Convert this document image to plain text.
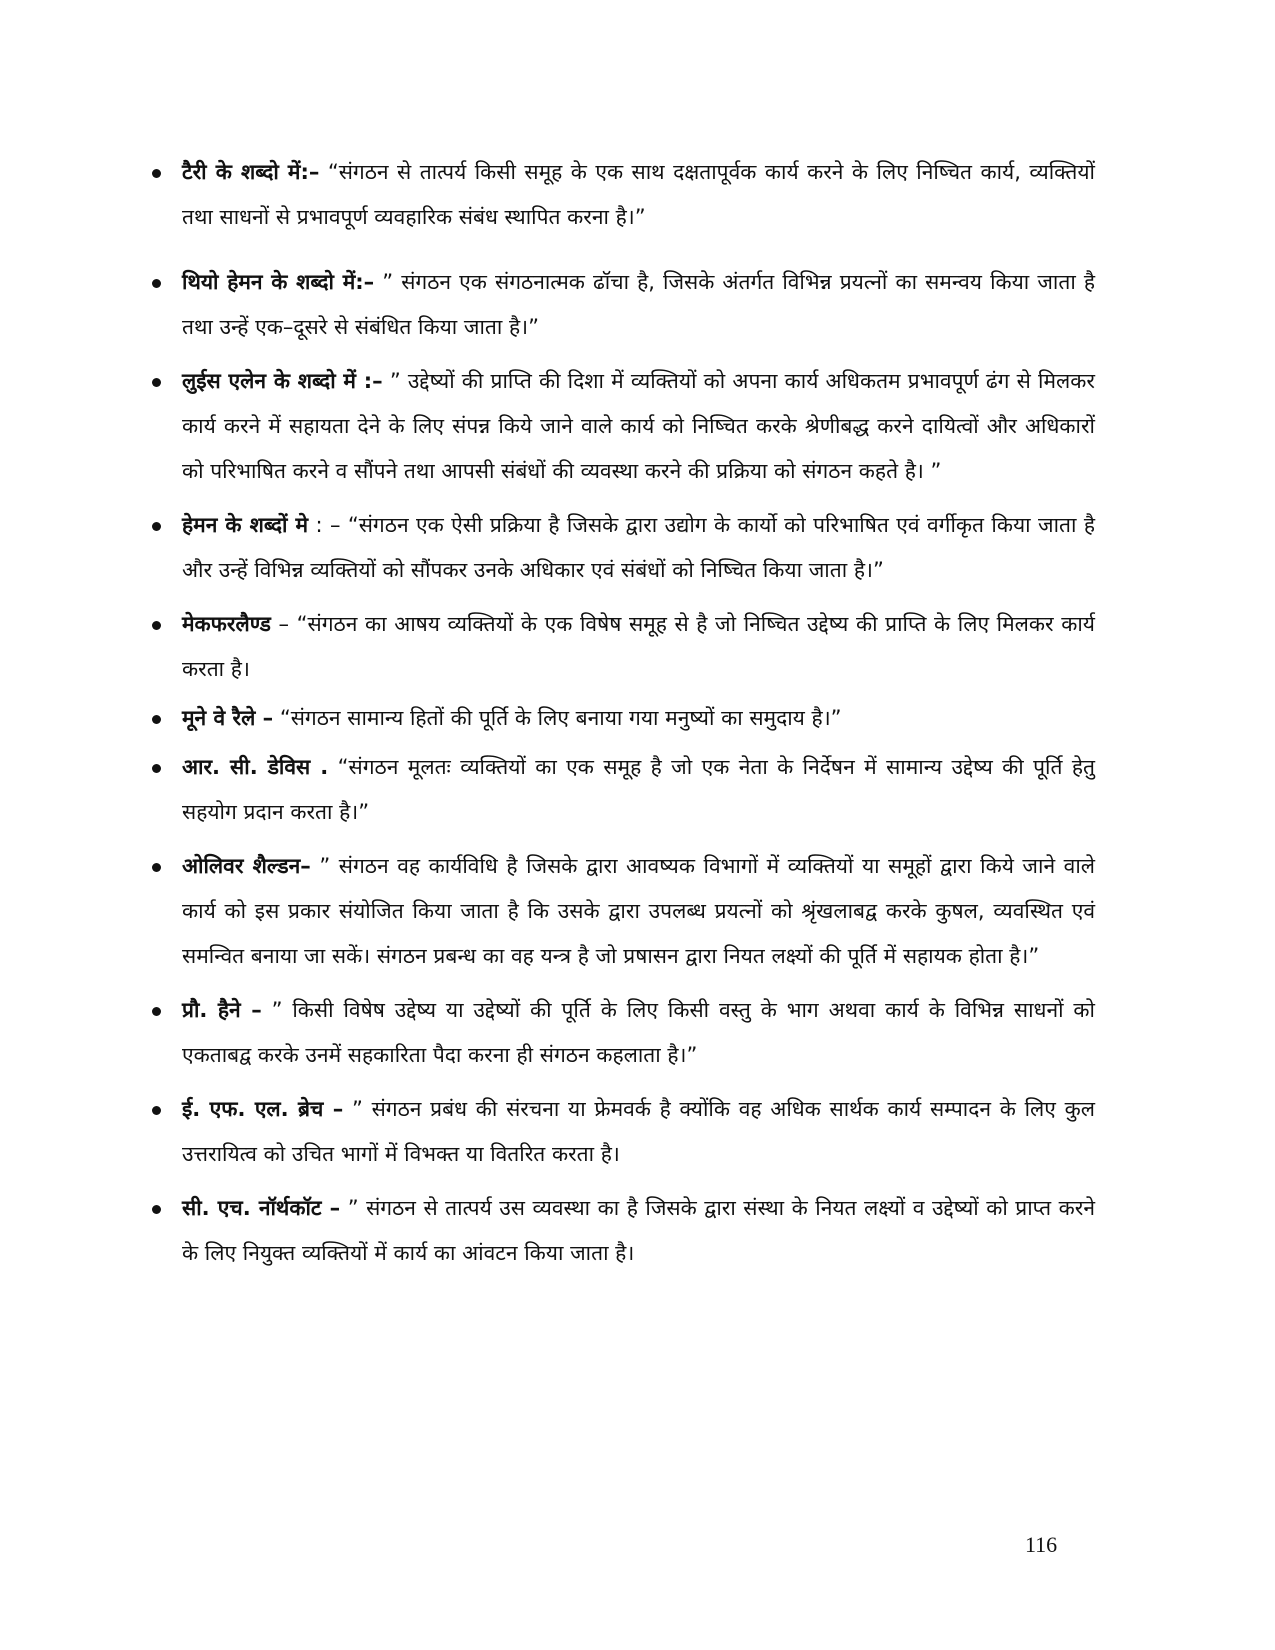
टैरी के शब्दो में:– “संगठन से तात्पर्य किसी समूह के एक साथ दक्षतापूर्वक कार्य करने के लिए निष्चित कार्य, व्यक्तियों तथा साधनों से प्रभावपूर्ण व्यवहारिक संबंध स्थापित करना है।”
थियो हेमन के शब्दो में:– ” संगठन एक संगठनात्मक ढॉचा है, जिसके अंतर्गत विभिन्न प्रयत्नों का समन्वय किया जाता है तथा उन्हें एक–दूसरे से संबंधित किया जाता है।”
लुईस एलेन के शब्दो में :– ” उद्देष्यों की प्राप्ति की दिशा में व्यक्तियों को अपना कार्य अधिकतम प्रभावपूर्ण ढंग से मिलकर कार्य करने में सहायता देने के लिए संपन्न किये जाने वाले कार्य को निष्चित करके श्रेणीबद्ध करने दायित्वों और अधिकारों को परिभाषित करने व सौंपने तथा आपसी संबंधों की व्यवस्था करने की प्रक्रिया को संगठन कहते है। ”
हेमन के शब्दों मे : – “संगठन एक ऐसी प्रक्रिया है जिसके द्वारा उद्योग के कार्यो को परिभाषित एवं वर्गीकृत किया जाता है और उन्हें विभिन्न व्यक्तियों को सौंपकर उनके अधिकार एवं संबंधों को निष्चित किया जाता है।”
मेकफरलैण्ड – “संगठन का आषय व्यक्तियों के एक विषेष समूह से है जो निष्चित उद्देष्य की प्राप्ति के लिए मिलकर कार्य करता है।
मूने वे रैले – “संगठन सामान्य हितों की पूर्ति के लिए बनाया गया मनुष्यों का समुदाय है।”
आर. सी. डेविस . “संगठन मूलतः व्यक्तियों का एक समूह है जो एक नेता के निर्देषन में सामान्य उद्देष्य की पूर्ति हेतु सहयोग प्रदान करता है।”
ओलिवर शैल्डन– ” संगठन वह कार्यविधि है जिसके द्वारा आवष्यक विभागों में व्यक्तियों या समूहों द्वारा किये जाने वाले कार्य को इस प्रकार संयोजित किया जाता है कि उसके द्वारा उपलब्ध प्रयत्नों को श्रृंखलाबद्व करके कुषल, व्यवस्थित एवं समन्वित बनाया जा सकें। संगठन प्रबन्ध का वह यन्त्र है जो प्रषासन द्वारा नियत लक्ष्यों की पूर्ति में सहायक होता है।”
प्रौ. हैने – ” किसी विषेष उद्देष्य या उद्देष्यों की पूर्ति के लिए किसी वस्तु के भाग अथवा कार्य के विभिन्न साधनों को एकताबद्व करके उनमें सहकारिता पैदा करना ही संगठन कहलाता है।”
ई. एफ. एल. ब्रेच – ” संगठन प्रबंध की संरचना या फ्रेमवर्क है क्योंकि वह अधिक सार्थक कार्य सम्पादन के लिए कुल उत्तरायित्व को उचित भागों में विभक्त या वितरित करता है।
सी. एच. नॉर्थकॉट – ” संगठन से तात्पर्य उस व्यवस्था का है जिसके द्वारा संस्था के नियत लक्ष्यों व उद्देष्यों को प्राप्त करने के लिए नियुक्त व्यक्तियों में कार्य का आंवटन किया जाता है।
116
